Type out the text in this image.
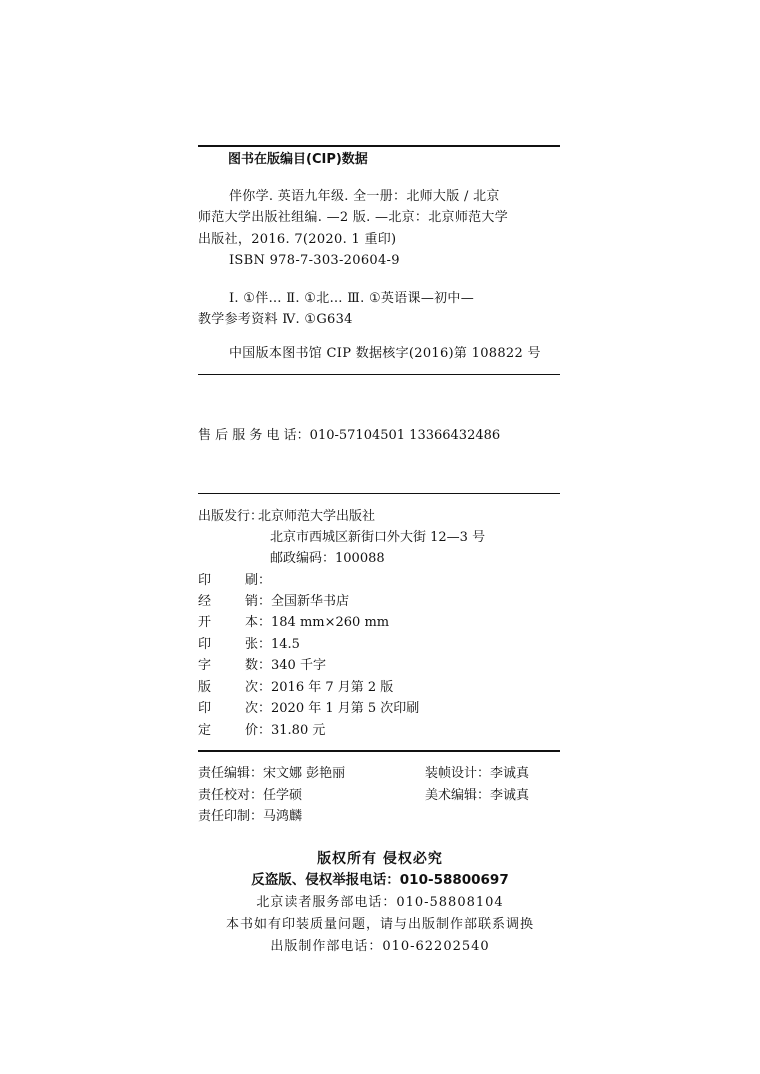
图书在版编目(CIP)数据
伴你学. 英语九年级. 全一册：北师大版 / 北京
师范大学出版社组编. —2 版. —北京：北京师范大学
出版社，2016. 7(2020. 1 重印)
ISBN 978-7-303-20604-9
Ⅰ. ①伴… Ⅱ. ①北… Ⅲ. ①英语课—初中—
教学参考资料 Ⅳ. ①G634
中国版本图书馆 CIP 数据核字(2016)第 108822 号
售 后 服 务 电 话：010-57104501 13366432486
出版发行：北京师范大学出版社
北京市西城区新街口外大街 12—3 号
邮政编码：100088
印刷：
经销：全国新华书店
开本：184 mm×260 mm
印张：14.5
字数：340 千字
版次：2016 年 7 月第 2 版
印次：2020 年 1 月第 5 次印刷
定价：31.80 元
责任编辑：宋文娜 彭艳丽	装帧设计：李诚真
责任校对：任学硕	美术编辑：李诚真
责任印制：马鸿麟
版权所有 侵权必究
反盗版、侵权举报电话：010-58800697
北京读者服务部电话：010-58808104
本书如有印装质量问题，请与出版制作部联系调换
出版制作部电话：010-62202540
